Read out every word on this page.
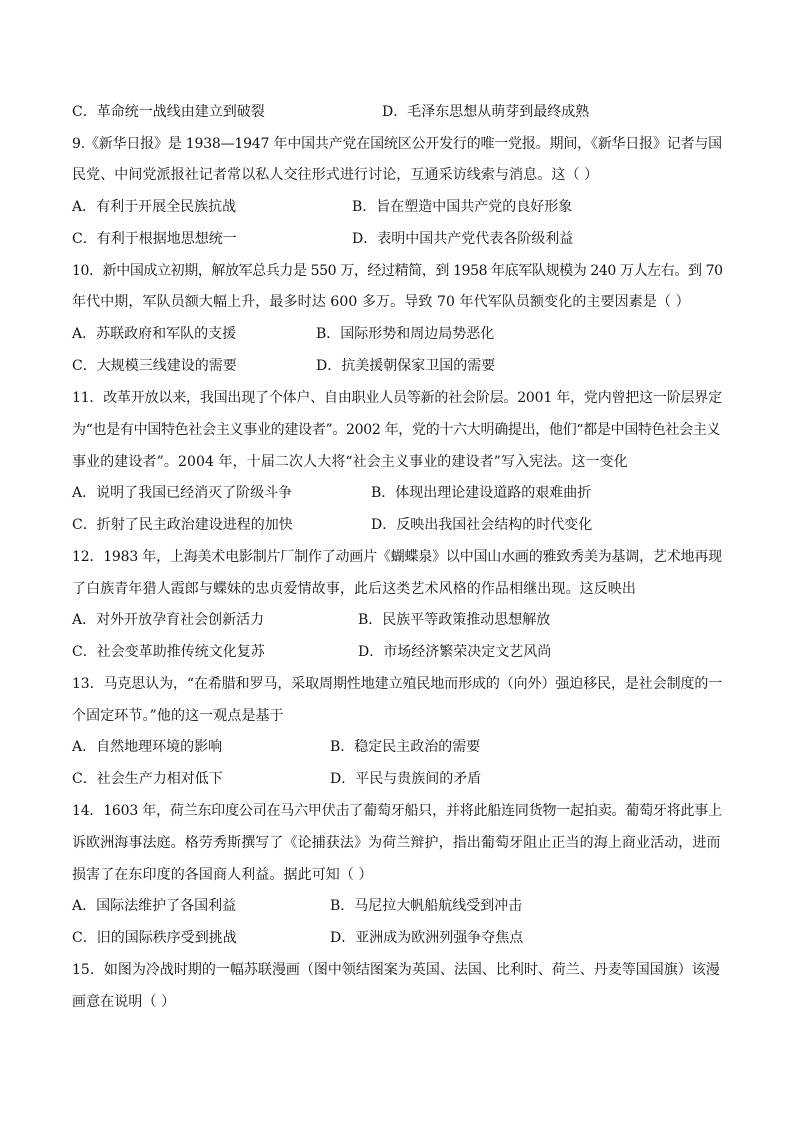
C．革命统一战线由建立到破裂	D．毛泽东思想从萌芽到最终成熟
9.《新华日报》是 1938—1947 年中国共产党在国统区公开发行的唯一党报。期间，《新华日报》记者与国
民党、中间党派报社记者常以私人交往形式进行讨论，互通采访线索与消息。这（ ）
A．有利于开展全民族抗战	B．旨在塑造中国共产党的良好形象
C．有利于根据地思想统一	D．表明中国共产党代表各阶级利益
10．新中国成立初期，解放军总兵力是 550 万，经过精简，到 1958 年底军队规模为 240 万人左右。到 70
年代中期，军队员额大幅上升，最多时达 600 多万。导致 70 年代军队员额变化的主要因素是（ ）
A．苏联政府和军队的支援	B．国际形势和周边局势恶化
C．大规模三线建设的需要	D．抗美援朝保家卫国的需要
11．改革开放以来，我国出现了个体户、自由职业人员等新的社会阶层。2001 年，党内曾把这一阶层界定
为“也是有中国特色社会主义事业的建设者”。2002 年，党的十六大明确提出，他们“都是中国特色社会主义
事业的建设者”。2004 年，十届二次人大将“社会主义事业的建设者”写入宪法。这一变化
A．说明了我国已经消灭了阶级斗争	B．体现出理论建设道路的艰难曲折
C．折射了民主政治建设进程的加快	D．反映出我国社会结构的时代变化
12．1983 年，上海美术电影制片厂制作了动画片《蝴蝶泉》以中国山水画的雅致秀美为基调，艺术地再现
了白族青年猎人霞郎与蝶妹的忠贞爱情故事，此后这类艺术风格的作品相继出现。这反映出
A．对外开放孕育社会创新活力	B．民族平等政策推动思想解放
C．社会变革助推传统文化复苏	D．市场经济繁荣决定文艺风尚
13．马克思认为，“在希腊和罗马，采取周期性地建立殖民地而形成的（向外）强迫移民，是社会制度的一
个固定环节。”他的这一观点是基于
A．自然地理环境的影响	B．稳定民主政治的需要
C．社会生产力相对低下	D．平民与贵族间的矛盾
14．1603 年，荷兰东印度公司在马六甲伏击了葡萄牙船只，并将此船连同货物一起拍卖。葡萄牙将此事上
诉欧洲海事法庭。格劳秀斯撰写了《论捕获法》为荷兰辩护，指出葡萄牙阻止正当的海上商业活动，进而
损害了在东印度的各国商人利益。据此可知（ ）
A．国际法维护了各国利益	B．马尼拉大帆船航线受到冲击
C．旧的国际秩序受到挑战	D．亚洲成为欧洲列强争夺焦点
15．如图为冷战时期的一幅苏联漫画（图中领结图案为英国、法国、比利时、荷兰、丹麦等国国旗）该漫
画意在说明（ ）
